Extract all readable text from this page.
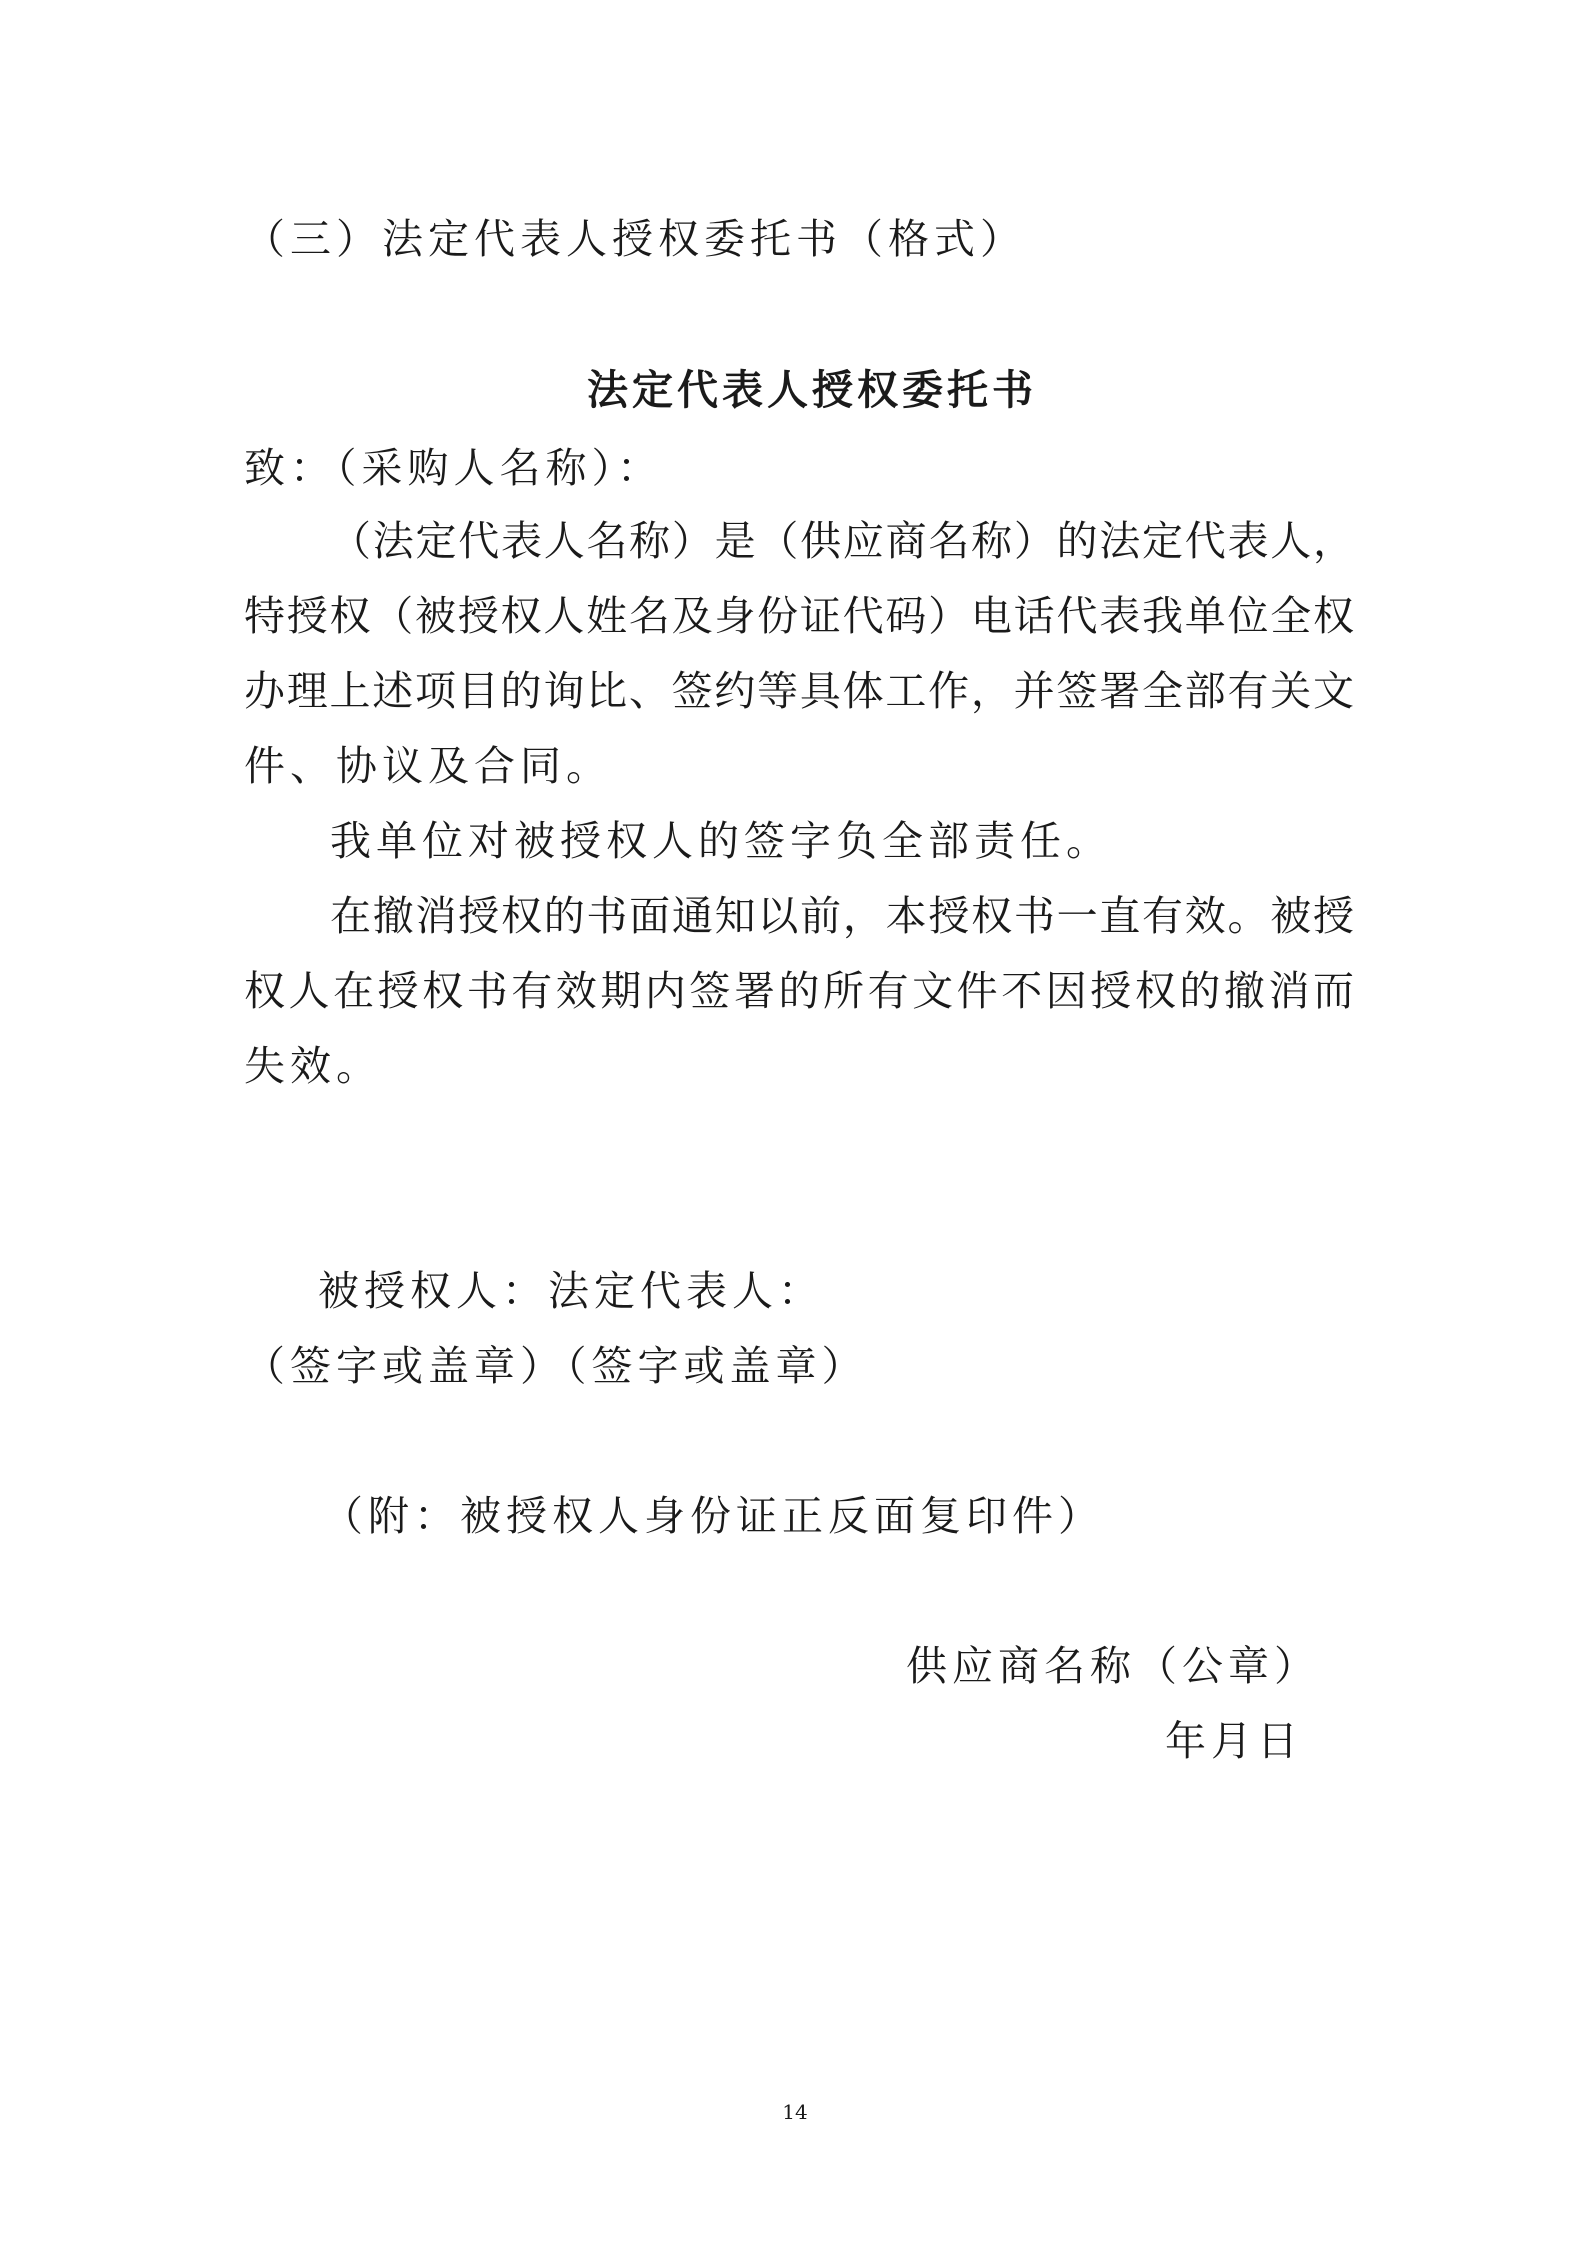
（三）法定代表人授权委托书（格式）
法定代表人授权委托书
致：（采购人名称）：
（法定代表人名称）是（供应商名称）的法定代表人，
特授权（被授权人姓名及身份证代码）电话代表我单位全权
办理上述项目的询比、签约等具体工作，并签署全部有关文
件、协议及合同。
我单位对被授权人的签字负全部责任。
在撤消授权的书面通知以前，本授权书一直有效。被授
权人在授权书有效期内签署的所有文件不因授权的撤消而
失效。
被授权人：法定代表人：
（签字或盖章）（签字或盖章）
（附：被授权人身份证正反面复印件）
供应商名称（公章）
年月日
14
